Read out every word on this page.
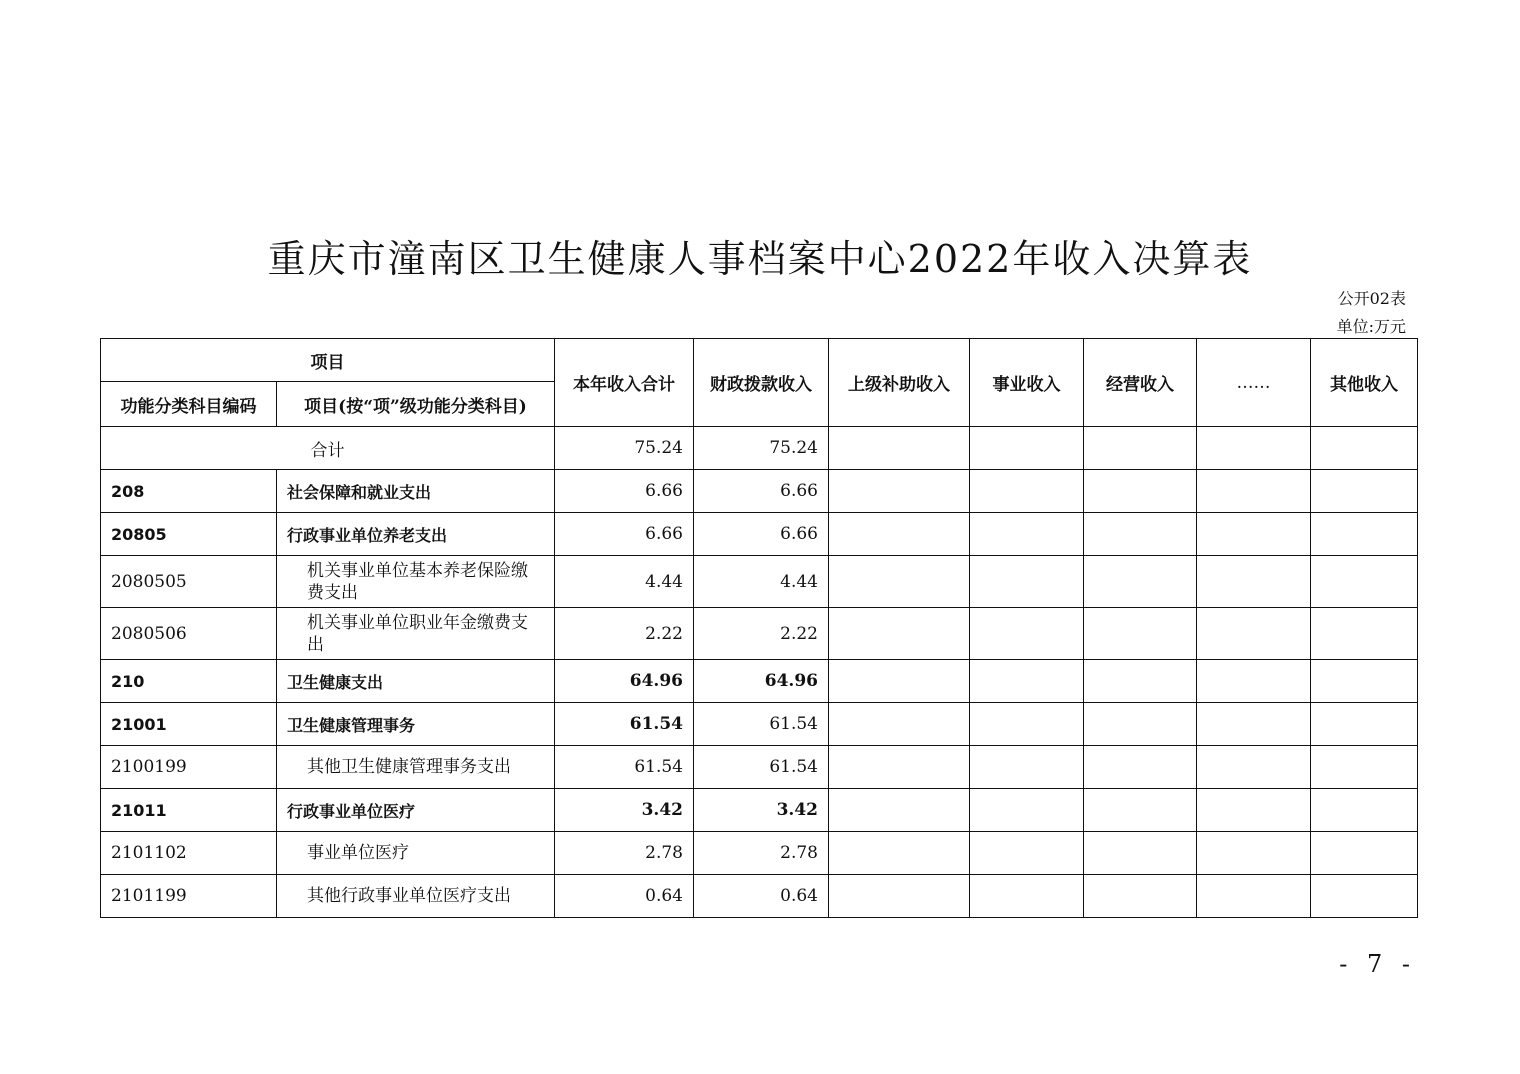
重庆市潼南区卫生健康人事档案中心2022年收入决算表
公开02表
单位:万元
项目		本年收入合计	财政拨款收入	上级补助收入	事业收入	经营收入	……	其他收入
功能分类科目编码	项目(按“项”级功能分类科目)							
合计		75.24	75.24					
208	社会保障和就业支出	6.66	6.66					
20805	行政事业单位养老支出	6.66	6.66					
2080505	机关事业单位基本养老保险缴费支出	4.44	4.44					
2080506	机关事业单位职业年金缴费支出	2.22	2.22					
210	卫生健康支出	64.96	64.96					
21001	卫生健康管理事务	61.54	61.54					
2100199	其他卫生健康管理事务支出	61.54	61.54					
21011	行政事业单位医疗	3.42	3.42					
2101102	事业单位医疗	2.78	2.78					
2101199	其他行政事业单位医疗支出	0.64	0.64					
- 7 -
